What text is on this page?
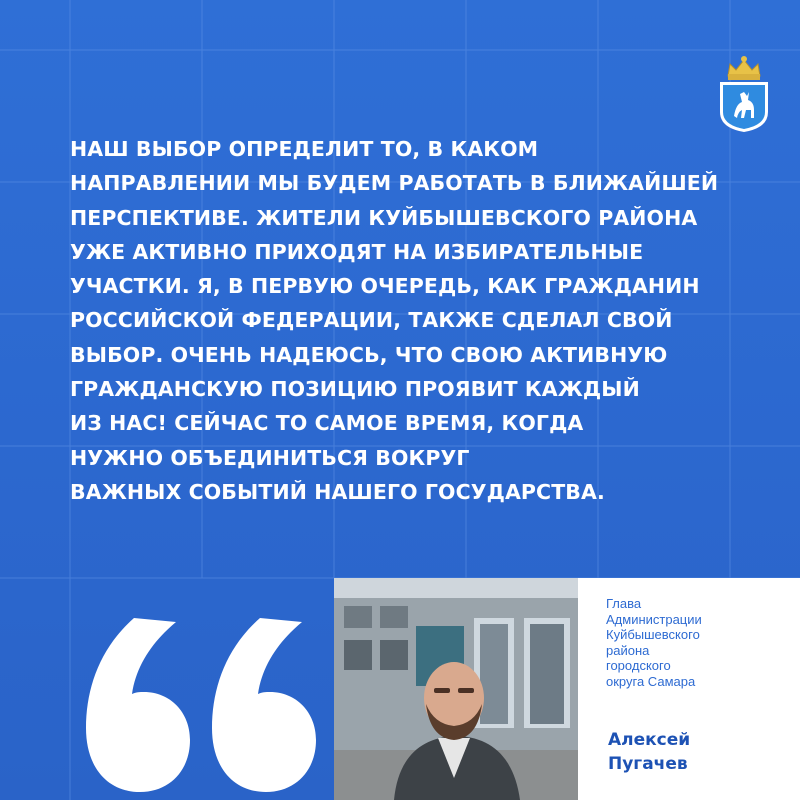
НАШ ВЫБОР ОПРЕДЕЛИТ ТО, В КАКОМ
НАПРАВЛЕНИИ МЫ БУДЕМ РАБОТАТЬ В БЛИЖАЙШЕЙ
ПЕРСПЕКТИВЕ. ЖИТЕЛИ КУЙБЫШЕВСКОГО РАЙОНА
УЖЕ АКТИВНО ПРИХОДЯТ НА ИЗБИРАТЕЛЬНЫЕ
УЧАСТКИ. Я, В ПЕРВУЮ ОЧЕРЕДЬ, КАК ГРАЖДАНИН
РОССИЙСКОЙ ФЕДЕРАЦИИ, ТАКЖЕ СДЕЛАЛ СВОЙ
ВЫБОР. ОЧЕНЬ НАДЕЮСЬ, ЧТО СВОЮ АКТИВНУЮ
ГРАЖДАНСКУЮ ПОЗИЦИЮ ПРОЯВИТ КАЖДЫЙ
ИЗ НАС! СЕЙЧАС ТО САМОЕ ВРЕМЯ, КОГДА
НУЖНО ОБЪЕДИНИТЬСЯ ВОКРУГ
ВАЖНЫХ СОБЫТИЙ НАШЕГО ГОСУДАРСТВА.

Глава
Администрации
Куйбышевского
района
городского
округа Самара

Алексей
Пугачев
